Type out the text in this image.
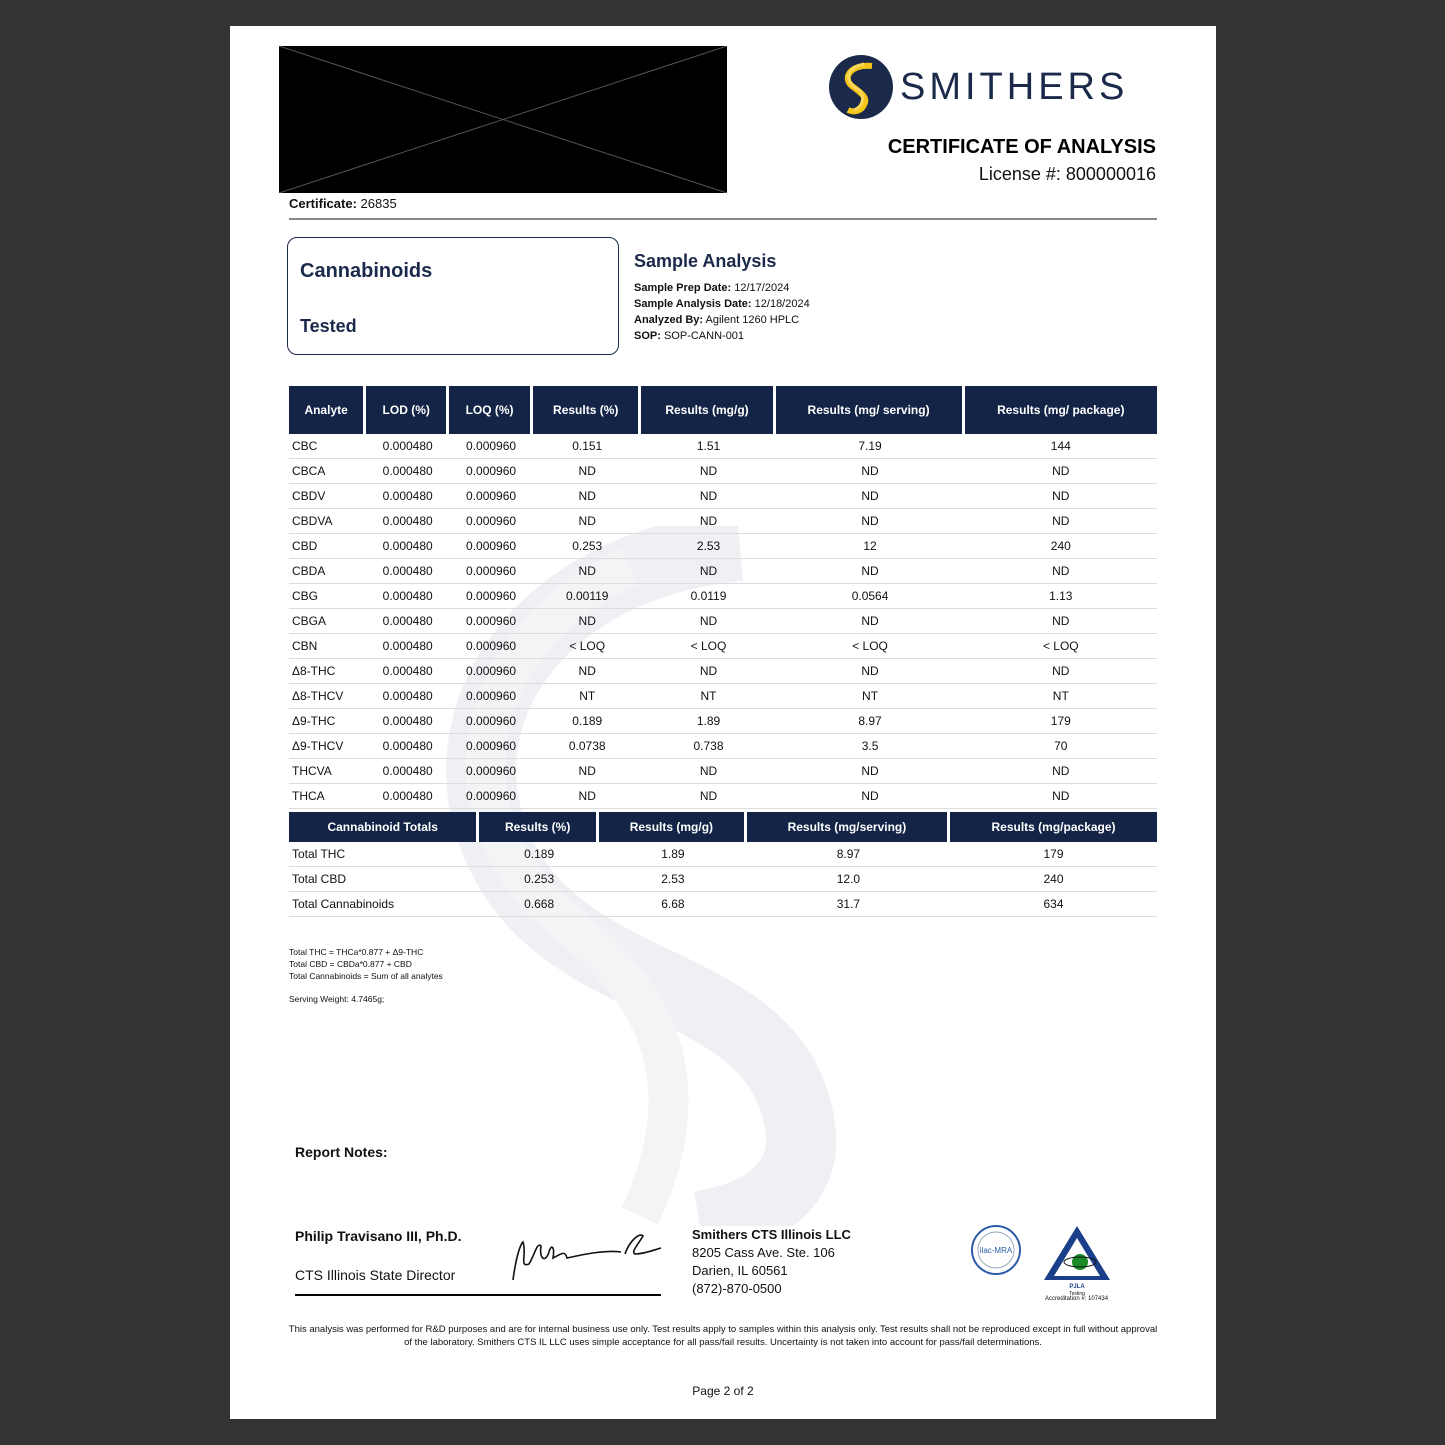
Certificate: 26835
SMITHERS
CERTIFICATE OF ANALYSIS
License #: 800000016
Cannabinoids
Tested
Sample Analysis
Sample Prep Date: 12/17/2024
Sample Analysis Date: 12/18/2024
Analyzed By: Agilent 1260 HPLC
SOP: SOP-CANN-001
Analyte	LOD (%)	LOQ (%)	Results (%)	Results (mg/g)	Results (mg/ serving)	Results (mg/ package)
CBC	0.000480	0.000960	0.151	1.51	7.19	144
CBCA	0.000480	0.000960	ND	ND	ND	ND
CBDV	0.000480	0.000960	ND	ND	ND	ND
CBDVA	0.000480	0.000960	ND	ND	ND	ND
CBD	0.000480	0.000960	0.253	2.53	12	240
CBDA	0.000480	0.000960	ND	ND	ND	ND
CBG	0.000480	0.000960	0.00119	0.0119	0.0564	1.13
CBGA	0.000480	0.000960	ND	ND	ND	ND
CBN	0.000480	0.000960	< LOQ	< LOQ	< LOQ	< LOQ
Δ8-THC	0.000480	0.000960	ND	ND	ND	ND
Δ8-THCV	0.000480	0.000960	NT	NT	NT	NT
Δ9-THC	0.000480	0.000960	0.189	1.89	8.97	179
Δ9-THCV	0.000480	0.000960	0.0738	0.738	3.5	70
THCVA	0.000480	0.000960	ND	ND	ND	ND
THCA	0.000480	0.000960	ND	ND	ND	ND
Cannabinoid Totals	Results (%)	Results (mg/g)	Results (mg/serving)	Results (mg/package)
Total THC	0.189	1.89	8.97	179
Total CBD	0.253	2.53	12.0	240
Total Cannabinoids	0.668	6.68	31.7	634
Total THC = THCa*0.877 + Δ9-THC
Total CBD = CBDa*0.877 + CBD
Total Cannabinoids = Sum of all analytes
Serving Weight: 4.7465g;
Report Notes:
Philip Travisano III, Ph.D.
CTS Illinois State Director
Smithers CTS Illinois LLC
8205 Cass Ave. Ste. 106
Darien, IL 60561
(872)-870-0500
ilac-MRA
PJLA
Testing
Accreditation #: 107434
This analysis was performed for R&D purposes and are for internal business use only. Test results apply to samples within this analysis only. Test results shall not be reproduced except in full without approval of the laboratory. Smithers CTS IL LLC uses simple acceptance for all pass/fail results. Uncertainty is not taken into account for pass/fail determinations.
Page 2 of 2
